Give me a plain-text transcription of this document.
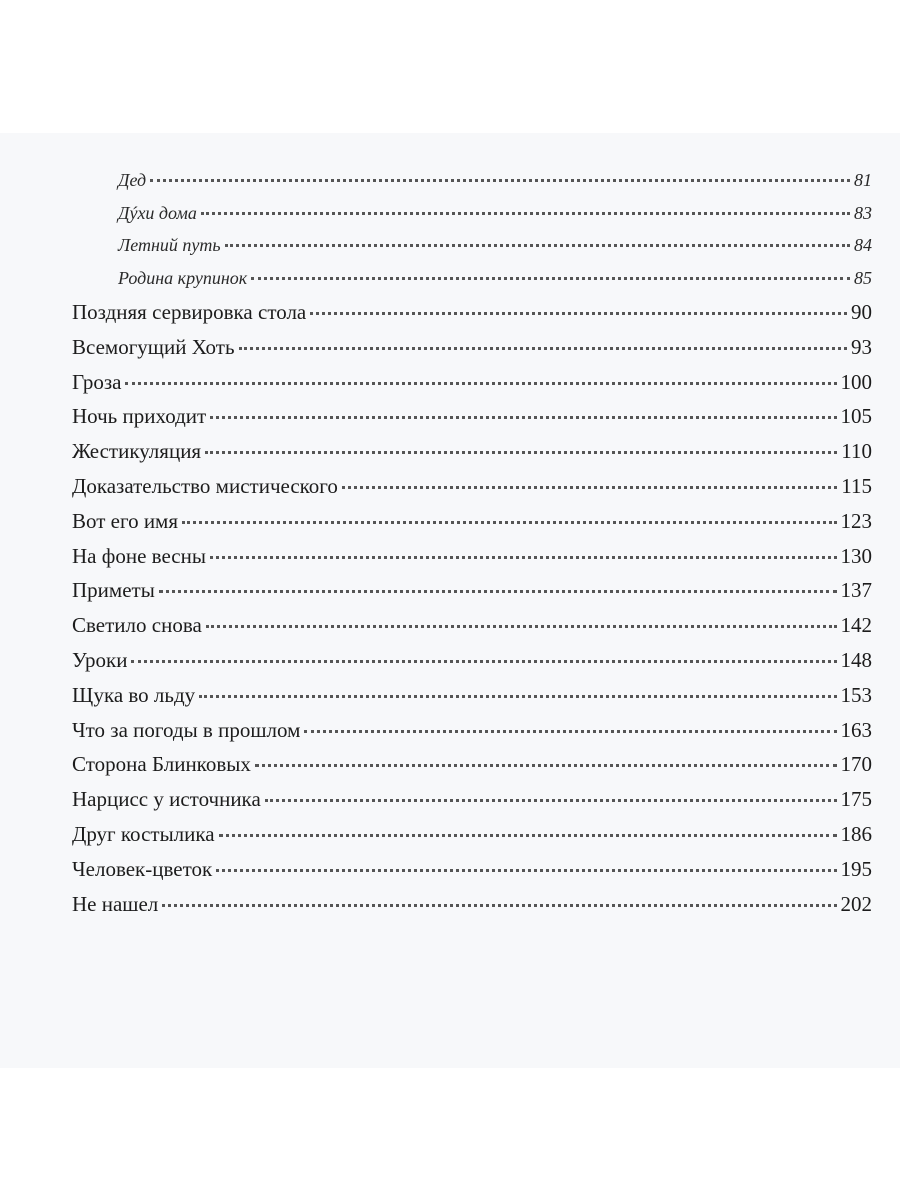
Дед	81
Дýхи дома	83
Летний путь	84
Родина крупинок	85
Поздняя сервировка стола	90
Всемогущий Хоть	93
Гроза	100
Ночь приходит	105
Жестикуляция	110
Доказательство мистического	115
Вот его имя	123
На фоне весны	130
Приметы	137
Светило снова	142
Уроки	148
Щука во льду	153
Что за погоды в прошлом	163
Сторона Блинковых	170
Нарцисс у источника	175
Друг костылика	186
Человек-цветок	195
Не нашел	202
